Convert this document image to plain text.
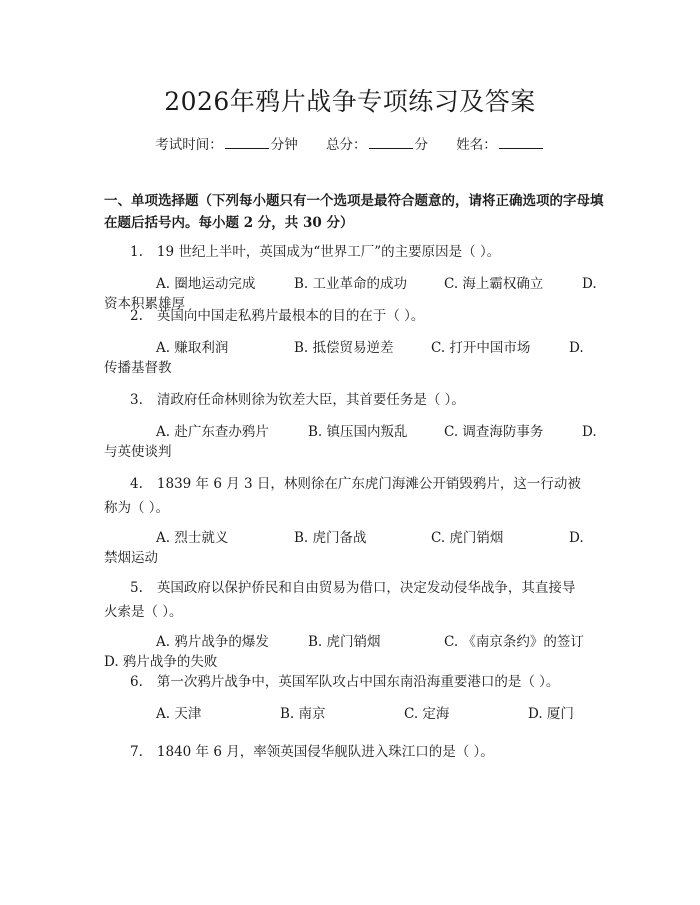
2026年鸦片战争专项练习及答案
考试时间：	分钟 总分：	分 姓名：
一、单项选择题（下列每小题只有一个选项是最符合题意的，请将正确选项的字母填在题后括号内。每小题 2 分，共 30 分）
1. 19 世纪上半叶，英国成为“世界工厂”的主要原因是（ ）。
A. 圈地运动完成	B. 工业革命的成功	C. 海上霸权确立	D.
资本积累雄厚
2. 英国向中国走私鸦片最根本的目的在于（ ）。
A. 赚取利润	B. 抵偿贸易逆差	C. 打开中国市场	D.
传播基督教
3. 清政府任命林则徐为钦差大臣，其首要任务是（ ）。
A. 赴广东查办鸦片	B. 镇压国内叛乱	C. 调查海防事务	D.
与英使谈判
4. 1839 年 6 月 3 日，林则徐在广东虎门海滩公开销毁鸦片，这一行动被称为（ ）。
A. 烈士就义	B. 虎门备战	C. 虎门销烟	D.
禁烟运动
5. 英国政府以保护侨民和自由贸易为借口，决定发动侵华战争，其直接导火索是（ ）。
A. 鸦片战争的爆发	B. 虎门销烟	C. 《南京条约》的签订
D. 鸦片战争的失败
6. 第一次鸦片战争中，英国军队攻占中国东南沿海重要港口的是（ ）。
A. 天津	B. 南京	C. 定海	D. 厦门
7. 1840 年 6 月，率领英国侵华舰队进入珠江口的是（ ）。
